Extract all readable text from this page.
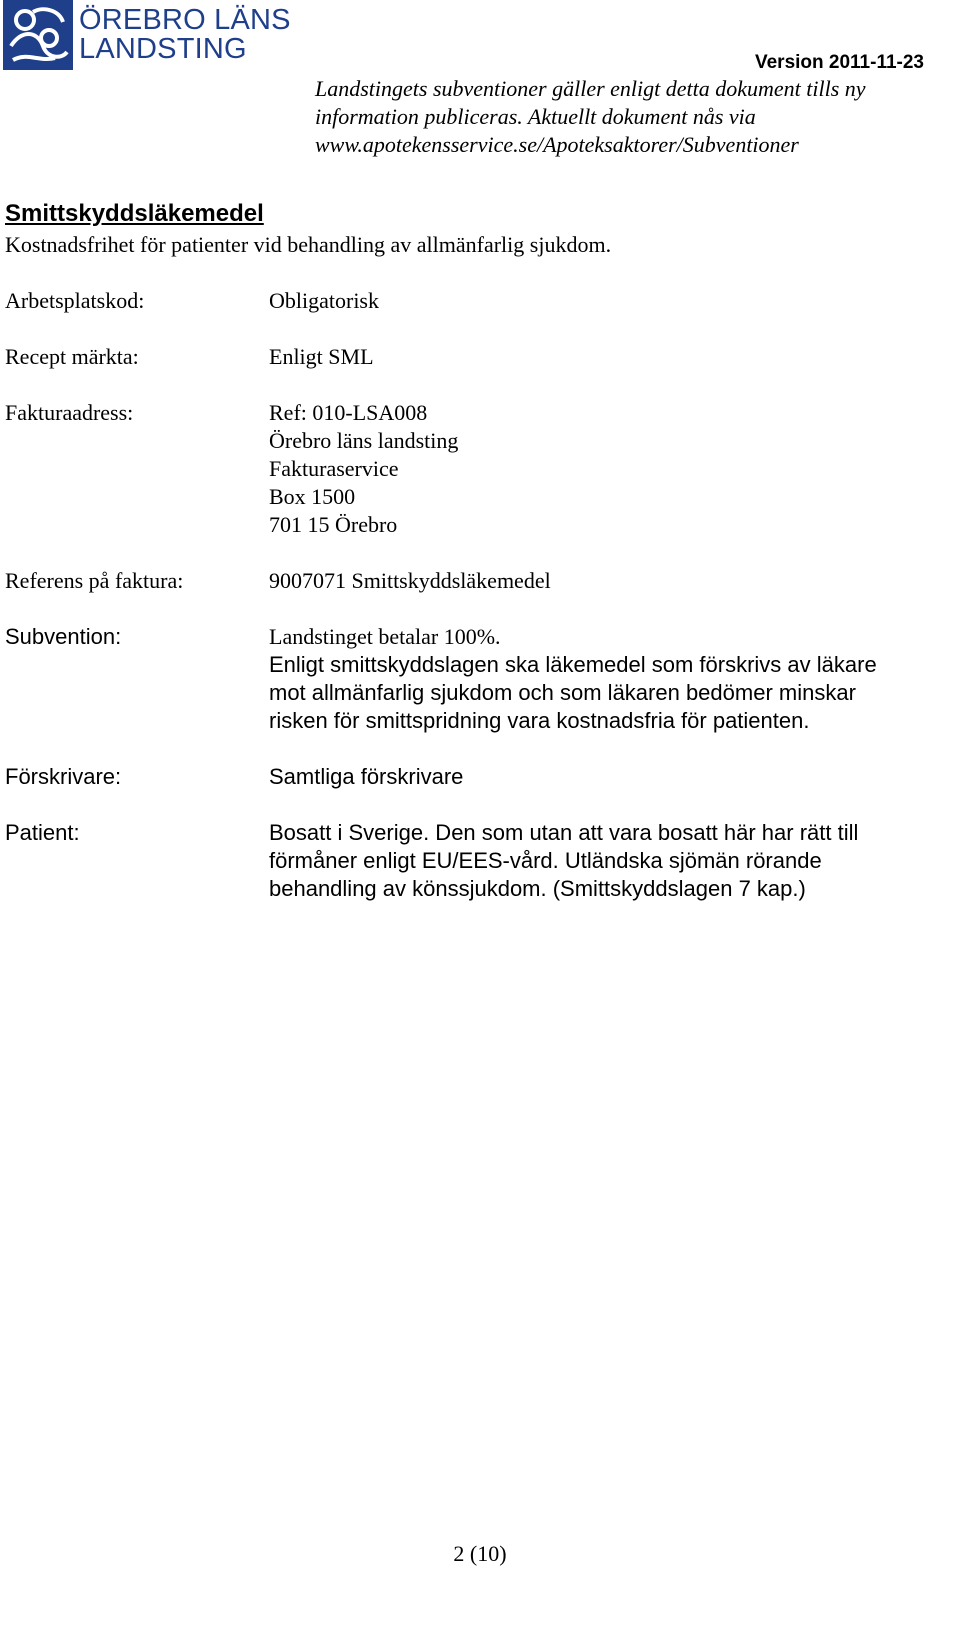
ÖREBRO LÄNS
LANDSTING	Version 2011-11-23
Landstingets subventioner gäller enligt detta dokument tills ny
information publiceras. Aktuellt dokument nås via
www.apotekensservice.se/Apoteksaktorer/Subventioner
Smittskyddsläkemedel
Kostnadsfrihet för patienter vid behandling av allmänfarlig sjukdom.
Arbetsplatskod:	Obligatorisk
Recept märkta:	Enligt SML
Fakturaadress:	Ref: 010-LSA008
Örebro läns landsting
Fakturaservice
Box 1500
701 15 Örebro
Referens på faktura:	9007071 Smittskyddsläkemedel
Subvention:	Landstinget betalar 100%.
Enligt smittskyddslagen ska läkemedel som förskrivs av läkare
mot allmänfarlig sjukdom och som läkaren bedömer minskar
risken för smittspridning vara kostnadsfria för patienten.
Förskrivare:	Samtliga förskrivare
Patient:	Bosatt i Sverige. Den som utan att vara bosatt här har rätt till
förmåner enligt EU/EES-vård. Utländska sjömän rörande
behandling av könssjukdom. (Smittskyddslagen 7 kap.)
2 (10)
